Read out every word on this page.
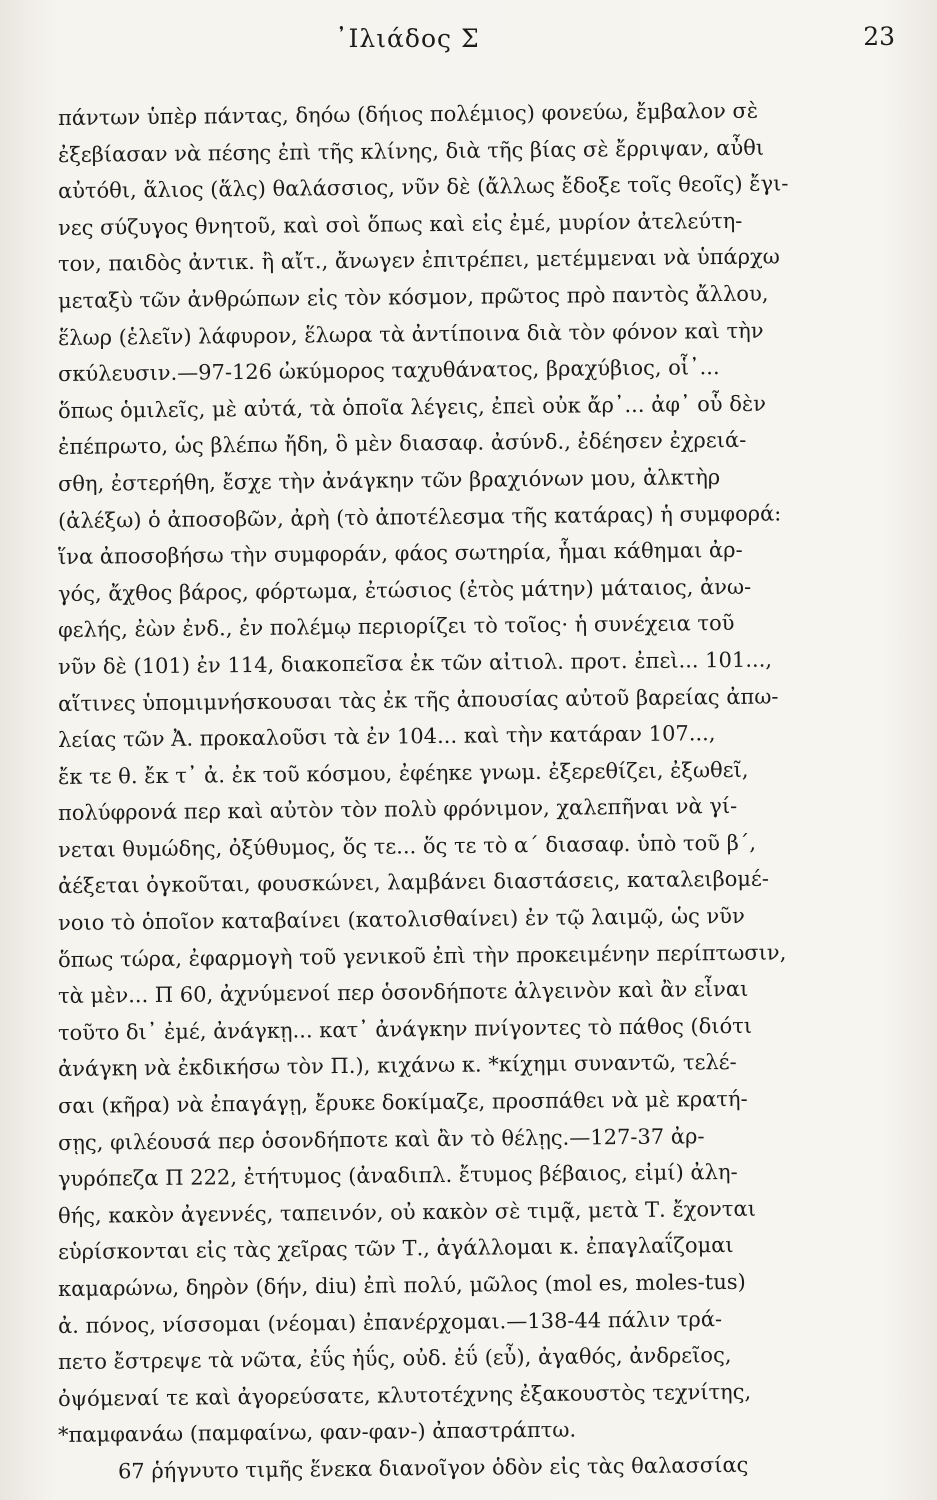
᾽Ιλιάδος Σ	23
πάντων ὑπὲρ πάντας, δηόω (δήιος πολέμιος) φονεύω, ἔμβαλον σὲ
ἐξεβίασαν νὰ πέσης ἐπὶ τῆς κλίνης, διὰ τῆς βίας σὲ ἔρριψαν, αὖθι
αὐτόθι, ἅλιος (ἅλς) θαλάσσιος, νῦν δὲ (ἄλλως ἔδοξε τοῖς θεοῖς) ἔγι-
νες σύζυγος θνητοῦ, καὶ σοὶ ὅπως καὶ εἰς ἐμέ, μυρίον ἀτελεύτη-
τον, παιδὸς ἀντικ. ἢ αἴτ., ἄνωγεν ἐπιτρέπει, μετέμμεναι νὰ ὑπάρχω
μεταξὺ τῶν ἀνθρώπων εἰς τὸν κόσμον, πρῶτος πρὸ παντὸς ἄλλου,
ἕλωρ (ἑλεῖν) λάφυρον, ἕλωρα τὰ ἀντίποινα διὰ τὸν φόνον καὶ τὴν
σκύλευσιν.—97-126 ὠκύμορος ταχυθάνατος, βραχύβιος, οἷ᾽...
ὅπως ὁμιλεῖς, μὲ αὐτά, τὰ ὁποῖα λέγεις, ἐπεὶ οὐκ ἄρ᾽... ἀφ᾽ οὗ δὲν
ἐπέπρωτο, ὡς βλέπω ἤδη, ὃ μὲν διασαφ. ἀσύνδ., ἐδέησεν ἐχρειά-
σθη, ἐστερήθη, ἔσχε τὴν ἀνάγκην τῶν βραχιόνων μου, ἀλκτὴρ
(ἀλέξω) ὁ ἀποσοβῶν, ἀρὴ (τὸ ἀποτέλεσμα τῆς κατάρας) ἡ συμφορά:
ἵνα ἀποσοβήσω τὴν συμφοράν, φάος σωτηρία, ἧμαι κάθημαι ἀρ-
γός, ἄχθος βάρος, φόρτωμα, ἐτώσιος (ἐτὸς μάτην) μάταιος, ἀνω-
φελής, ἐὼν ἐνδ., ἐν πολέμῳ περιορίζει τὸ τοῖος· ἡ συνέχεια τοῦ
νῦν δὲ (101) ἐν 114, διακοπεῖσα ἐκ τῶν αἰτιολ. προτ. ἐπεὶ... 101...,
αἵτινες ὑπομιμνήσκουσαι τὰς ἐκ τῆς ἀπουσίας αὐτοῦ βαρείας ἀπω-
λείας τῶν Ἀ. προκαλοῦσι τὰ ἐν 104... καὶ τὴν κατάραν 107...,
ἔκ τε θ. ἔκ τ᾽ ἀ. ἐκ τοῦ κόσμου, ἐφέηκε γνωμ. ἐξερεθίζει, ἐξωθεῖ,
πολύφρονά περ καὶ αὐτὸν τὸν πολὺ φρόνιμον, χαλεπῆναι νὰ γί-
νεται θυμώδης, ὀξύθυμος, ὅς τε... ὅς τε τὸ α΄ διασαφ. ὑπὸ τοῦ β΄,
ἀέξεται ὀγκοῦται, φουσκώνει, λαμβάνει διαστάσεις, καταλειβομέ-
νοιο τὸ ὁποῖον καταβαίνει (κατολισθαίνει) ἐν τῷ λαιμῷ, ὡς νῦν
ὅπως τώρα, ἐφαρμογὴ τοῦ γενικοῦ ἐπὶ τὴν προκειμένην περίπτωσιν,
τὰ μὲν... Π 60, ἀχνύμενοί περ ὁσονδήποτε ἀλγεινὸν καὶ ἂν εἶναι
τοῦτο δι᾽ ἐμέ, ἀνάγκῃ... κατ᾽ ἀνάγκην πνίγοντες τὸ πάθος (διότι
ἀνάγκη νὰ ἐκδικήσω τὸν Π.), κιχάνω κ. *κίχημι συναντῶ, τελέ-
σαι (κῆρα) νὰ ἐπαγάγῃ, ἔρυκε δοκίμαζε, προσπάθει νὰ μὲ κρατή-
σῃς, φιλέουσά περ ὁσονδήποτε καὶ ἂν τὸ θέλῃς.—127-37 ἀρ-
γυρόπεζα Π 222, ἐτήτυμος (ἀναδιπλ. ἔτυμος βέβαιος, εἰμί) ἀλη-
θής, κακὸν ἀγεννές, ταπεινόν, οὐ κακὸν σὲ τιμᾷ, μετὰ Τ. ἔχονται
εὑρίσκονται εἰς τὰς χεῖρας τῶν Τ., ἀγάλλομαι κ. ἐπαγλαΐζομαι
καμαρώνω, δηρὸν (δήν, diu) ἐπὶ πολύ, μῶλος (mol es, moles-tus)
ἀ. πόνος, νίσσομαι (νέομαι) ἐπανέρχομαι.—138-44 πάλιν τρά-
πετο ἔστρεψε τὰ νῶτα, ἐΰς ἠΰς, οὐδ. ἐΰ (εὖ), ἀγαθός, ἀνδρεῖος,
ὀψόμεναί τε καὶ ἀγορεύσατε, κλυτοτέχνης ἐξακουστὸς τεχνίτης,
*παμφανάω (παμφαίνω, φαν-φαν-) ἀπαστράπτω.
67 ῥήγνυτο τιμῆς ἕνεκα διανοῖγον ὁδὸν εἰς τὰς θαλασσίας
